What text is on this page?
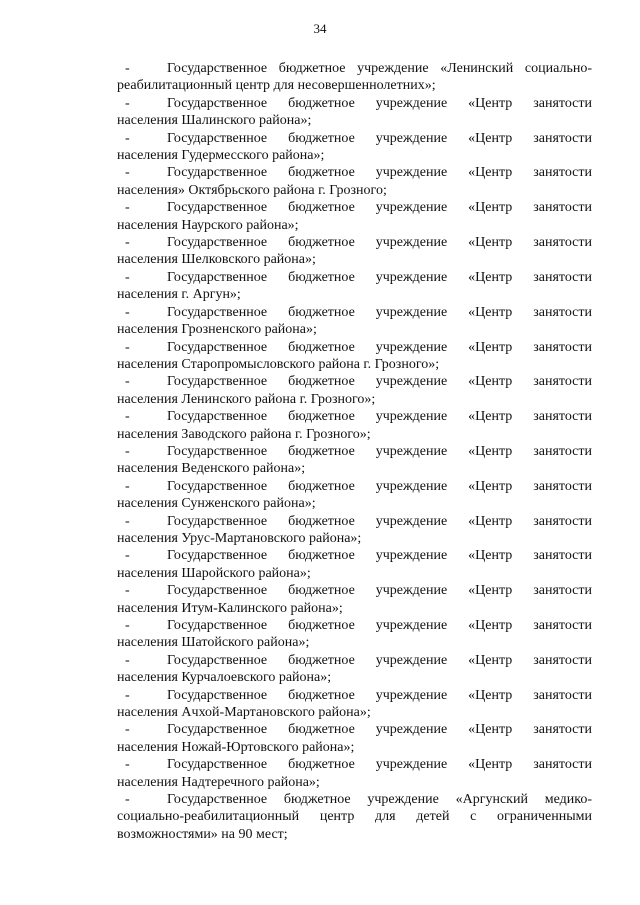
34
-	Государственное бюджетное учреждение «Ленинский социально-
реабилитационный центр для несовершеннолетних»;
-	Государственное бюджетное учреждение «Центр занятости
населения Шалинского района»;
-	Государственное бюджетное учреждение «Центр занятости
населения Гудермесского района»;
-	Государственное бюджетное учреждение «Центр занятости
населения» Октябрьского района г. Грозного;
-	Государственное бюджетное учреждение «Центр занятости
населения Наурского района»;
-	Государственное бюджетное учреждение «Центр занятости
населения Шелковского района»;
-	Государственное бюджетное учреждение «Центр занятости
населения г. Аргун»;
-	Государственное бюджетное учреждение «Центр занятости
населения Грозненского района»;
-	Государственное бюджетное учреждение «Центр занятости
населения Старопромысловского района г. Грозного»;
-	Государственное бюджетное учреждение «Центр занятости
населения Ленинского района г. Грозного»;
-	Государственное бюджетное учреждение «Центр занятости
населения Заводского района г. Грозного»;
-	Государственное бюджетное учреждение «Центр занятости
населения Веденского района»;
-	Государственное бюджетное учреждение «Центр занятости
населения Сунженского района»;
-	Государственное бюджетное учреждение «Центр занятости
населения Урус-Мартановского района»;
-	Государственное бюджетное учреждение «Центр занятости
населения Шаройского района»;
-	Государственное бюджетное учреждение «Центр занятости
населения Итум-Калинского района»;
-	Государственное бюджетное учреждение «Центр занятости
населения Шатойского района»;
-	Государственное бюджетное учреждение «Центр занятости
населения Курчалоевского района»;
-	Государственное бюджетное учреждение «Центр занятости
населения Ачхой-Мартановского района»;
-	Государственное бюджетное учреждение «Центр занятости
населения Ножай-Юртовского района»;
-	Государственное бюджетное учреждение «Центр занятости
населения Надтеречного района»;
-	Государственное бюджетное учреждение «Аргунский медико-
социально-реабилитационный центр для детей с ограниченными
возможностями» на 90 мест;
